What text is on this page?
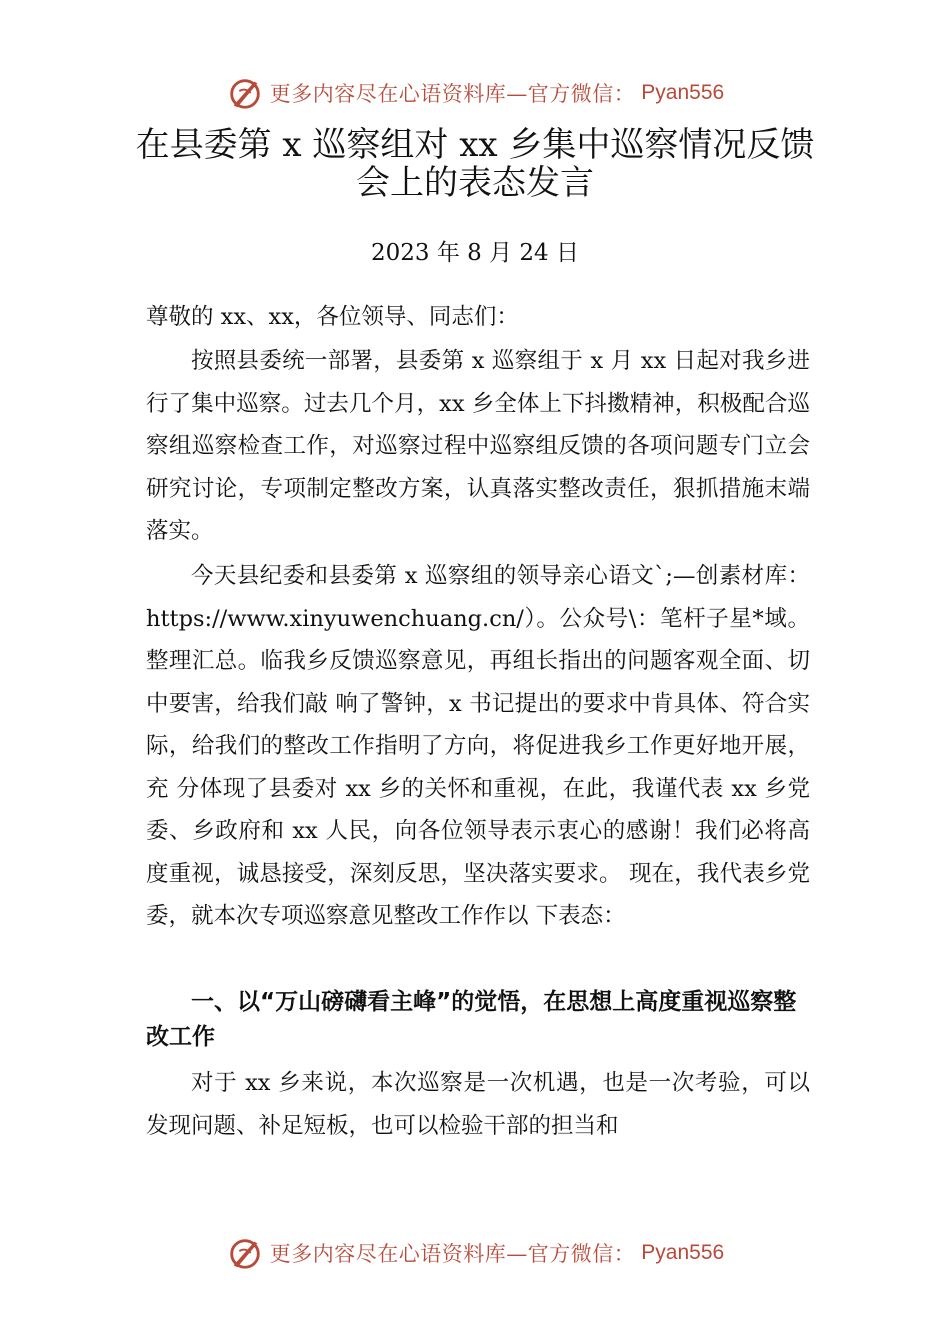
更多内容尽在心语资料库—官方微信： Pyan556
在县委第 x 巡察组对 xx 乡集中巡察情况反馈会上的表态发言
2023 年 8 月 24 日

尊敬的 xx、xx，各位领导、同志们：

按照县委统一部署，县委第 x 巡察组于 x 月 xx 日起对我乡进行了集中巡察。过去几个月，xx 乡全体上下抖擞精神，积极配合巡察组巡察检查工作，对巡察过程中巡察组反馈的各项问题专门立会研究讨论，专项制定整改方案，认真落实整改责任，狠抓措施末端落实。

今天县纪委和县委第 x 巡察组的领导亲心语文`;—创素材库：https://www.xinyuwenchuang.cn/）。公众号\：笔杆子星*域。整理汇总。临我乡反馈巡察意见，再组长指出的问题客观全面、切中要害，给我们敲 响了警钟，x 书记提出的要求中肯具体、符合实际，给我们的整改工作指明了方向，将促进我乡工作更好地开展，充 分体现了县委对 xx 乡的关怀和重视，在此，我谨代表 xx 乡党委、乡政府和 xx 人民，向各位领导表示衷心的感谢！我们必将高度重视，诚恳接受，深刻反思，坚决落实要求。 现在，我代表乡党委，就本次专项巡察意见整改工作作以 下表态：

一、以“万山磅礴看主峰”的觉悟，在思想上高度重视巡察整改工作

对于 xx 乡来说，本次巡察是一次机遇，也是一次考验，可以发现问题、补足短板，也可以检验干部的担当和

更多内容尽在心语资料库—官方微信： Pyan556
